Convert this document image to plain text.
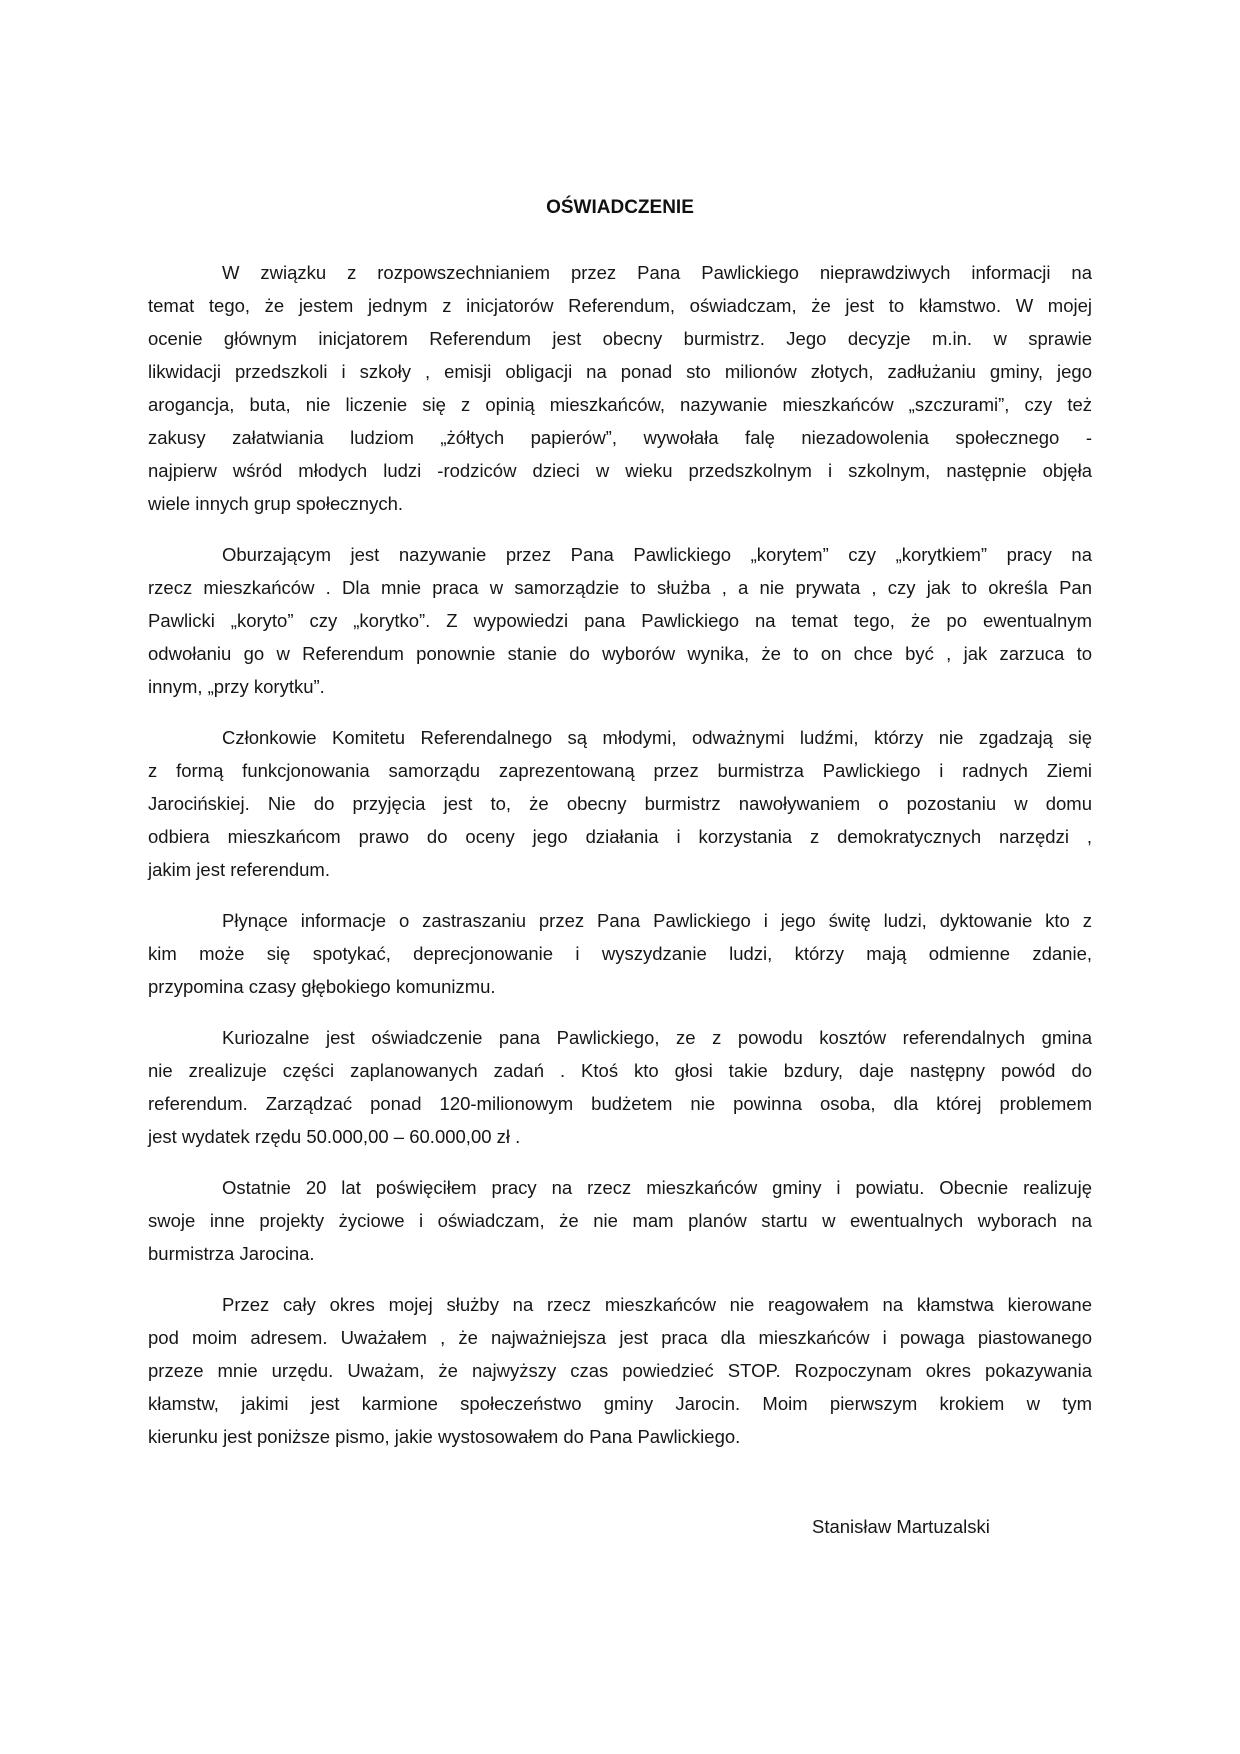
OŚWIADCZENIE
W związku z rozpowszechnianiem przez Pana Pawlickiego nieprawdziwych informacji na
temat tego, że jestem jednym z inicjatorów Referendum, oświadczam, że jest to kłamstwo. W mojej
ocenie głównym inicjatorem Referendum jest obecny burmistrz. Jego decyzje m.in. w sprawie
likwidacji przedszkoli i szkoły , emisji obligacji na ponad sto milionów złotych, zadłużaniu gminy, jego
arogancja, buta, nie liczenie się z opinią mieszkańców, nazywanie mieszkańców „szczurami”, czy też
zakusy załatwiania ludziom „żółtych papierów”, wywołała falę niezadowolenia społecznego -
najpierw wśród młodych ludzi -rodziców dzieci w wieku przedszkolnym i szkolnym, następnie objęła
wiele innych grup społecznych.
Oburzającym jest nazywanie przez Pana Pawlickiego „korytem” czy „korytkiem” pracy na
rzecz mieszkańców . Dla mnie praca w samorządzie to służba , a nie prywata , czy jak to określa Pan
Pawlicki „koryto” czy „korytko”. Z wypowiedzi pana Pawlickiego na temat tego, że po ewentualnym
odwołaniu go w Referendum ponownie stanie do wyborów wynika, że to on chce być , jak zarzuca to
innym, „przy korytku”.
Członkowie Komitetu Referendalnego są młodymi, odważnymi ludźmi, którzy nie zgadzają się
z formą funkcjonowania samorządu zaprezentowaną przez burmistrza Pawlickiego i radnych Ziemi
Jarocińskiej. Nie do przyjęcia jest to, że obecny burmistrz nawoływaniem o pozostaniu w domu
odbiera mieszkańcom prawo do oceny jego działania i korzystania z demokratycznych narzędzi ,
jakim jest referendum.
Płynące informacje o zastraszaniu przez Pana Pawlickiego i jego świtę ludzi, dyktowanie kto z
kim może się spotykać, deprecjonowanie i wyszydzanie ludzi, którzy mają odmienne zdanie,
przypomina czasy głębokiego komunizmu.
Kuriozalne jest oświadczenie pana Pawlickiego, ze z powodu kosztów referendalnych gmina
nie zrealizuje części zaplanowanych zadań . Ktoś kto głosi takie bzdury, daje następny powód do
referendum. Zarządzać ponad 120-milionowym budżetem nie powinna osoba, dla której problemem
jest wydatek rzędu 50.000,00 – 60.000,00 zł .
Ostatnie 20 lat poświęciłem pracy na rzecz mieszkańców gminy i powiatu. Obecnie realizuję
swoje inne projekty życiowe i oświadczam, że nie mam planów startu w ewentualnych wyborach na
burmistrza Jarocina.
Przez cały okres mojej służby na rzecz mieszkańców nie reagowałem na kłamstwa kierowane
pod moim adresem. Uważałem , że najważniejsza jest praca dla mieszkańców i powaga piastowanego
przeze mnie urzędu. Uważam, że najwyższy czas powiedzieć STOP. Rozpoczynam okres pokazywania
kłamstw, jakimi jest karmione społeczeństwo gminy Jarocin. Moim pierwszym krokiem w tym
kierunku jest poniższe pismo, jakie wystosowałem do Pana Pawlickiego.
Stanisław Martuzalski
